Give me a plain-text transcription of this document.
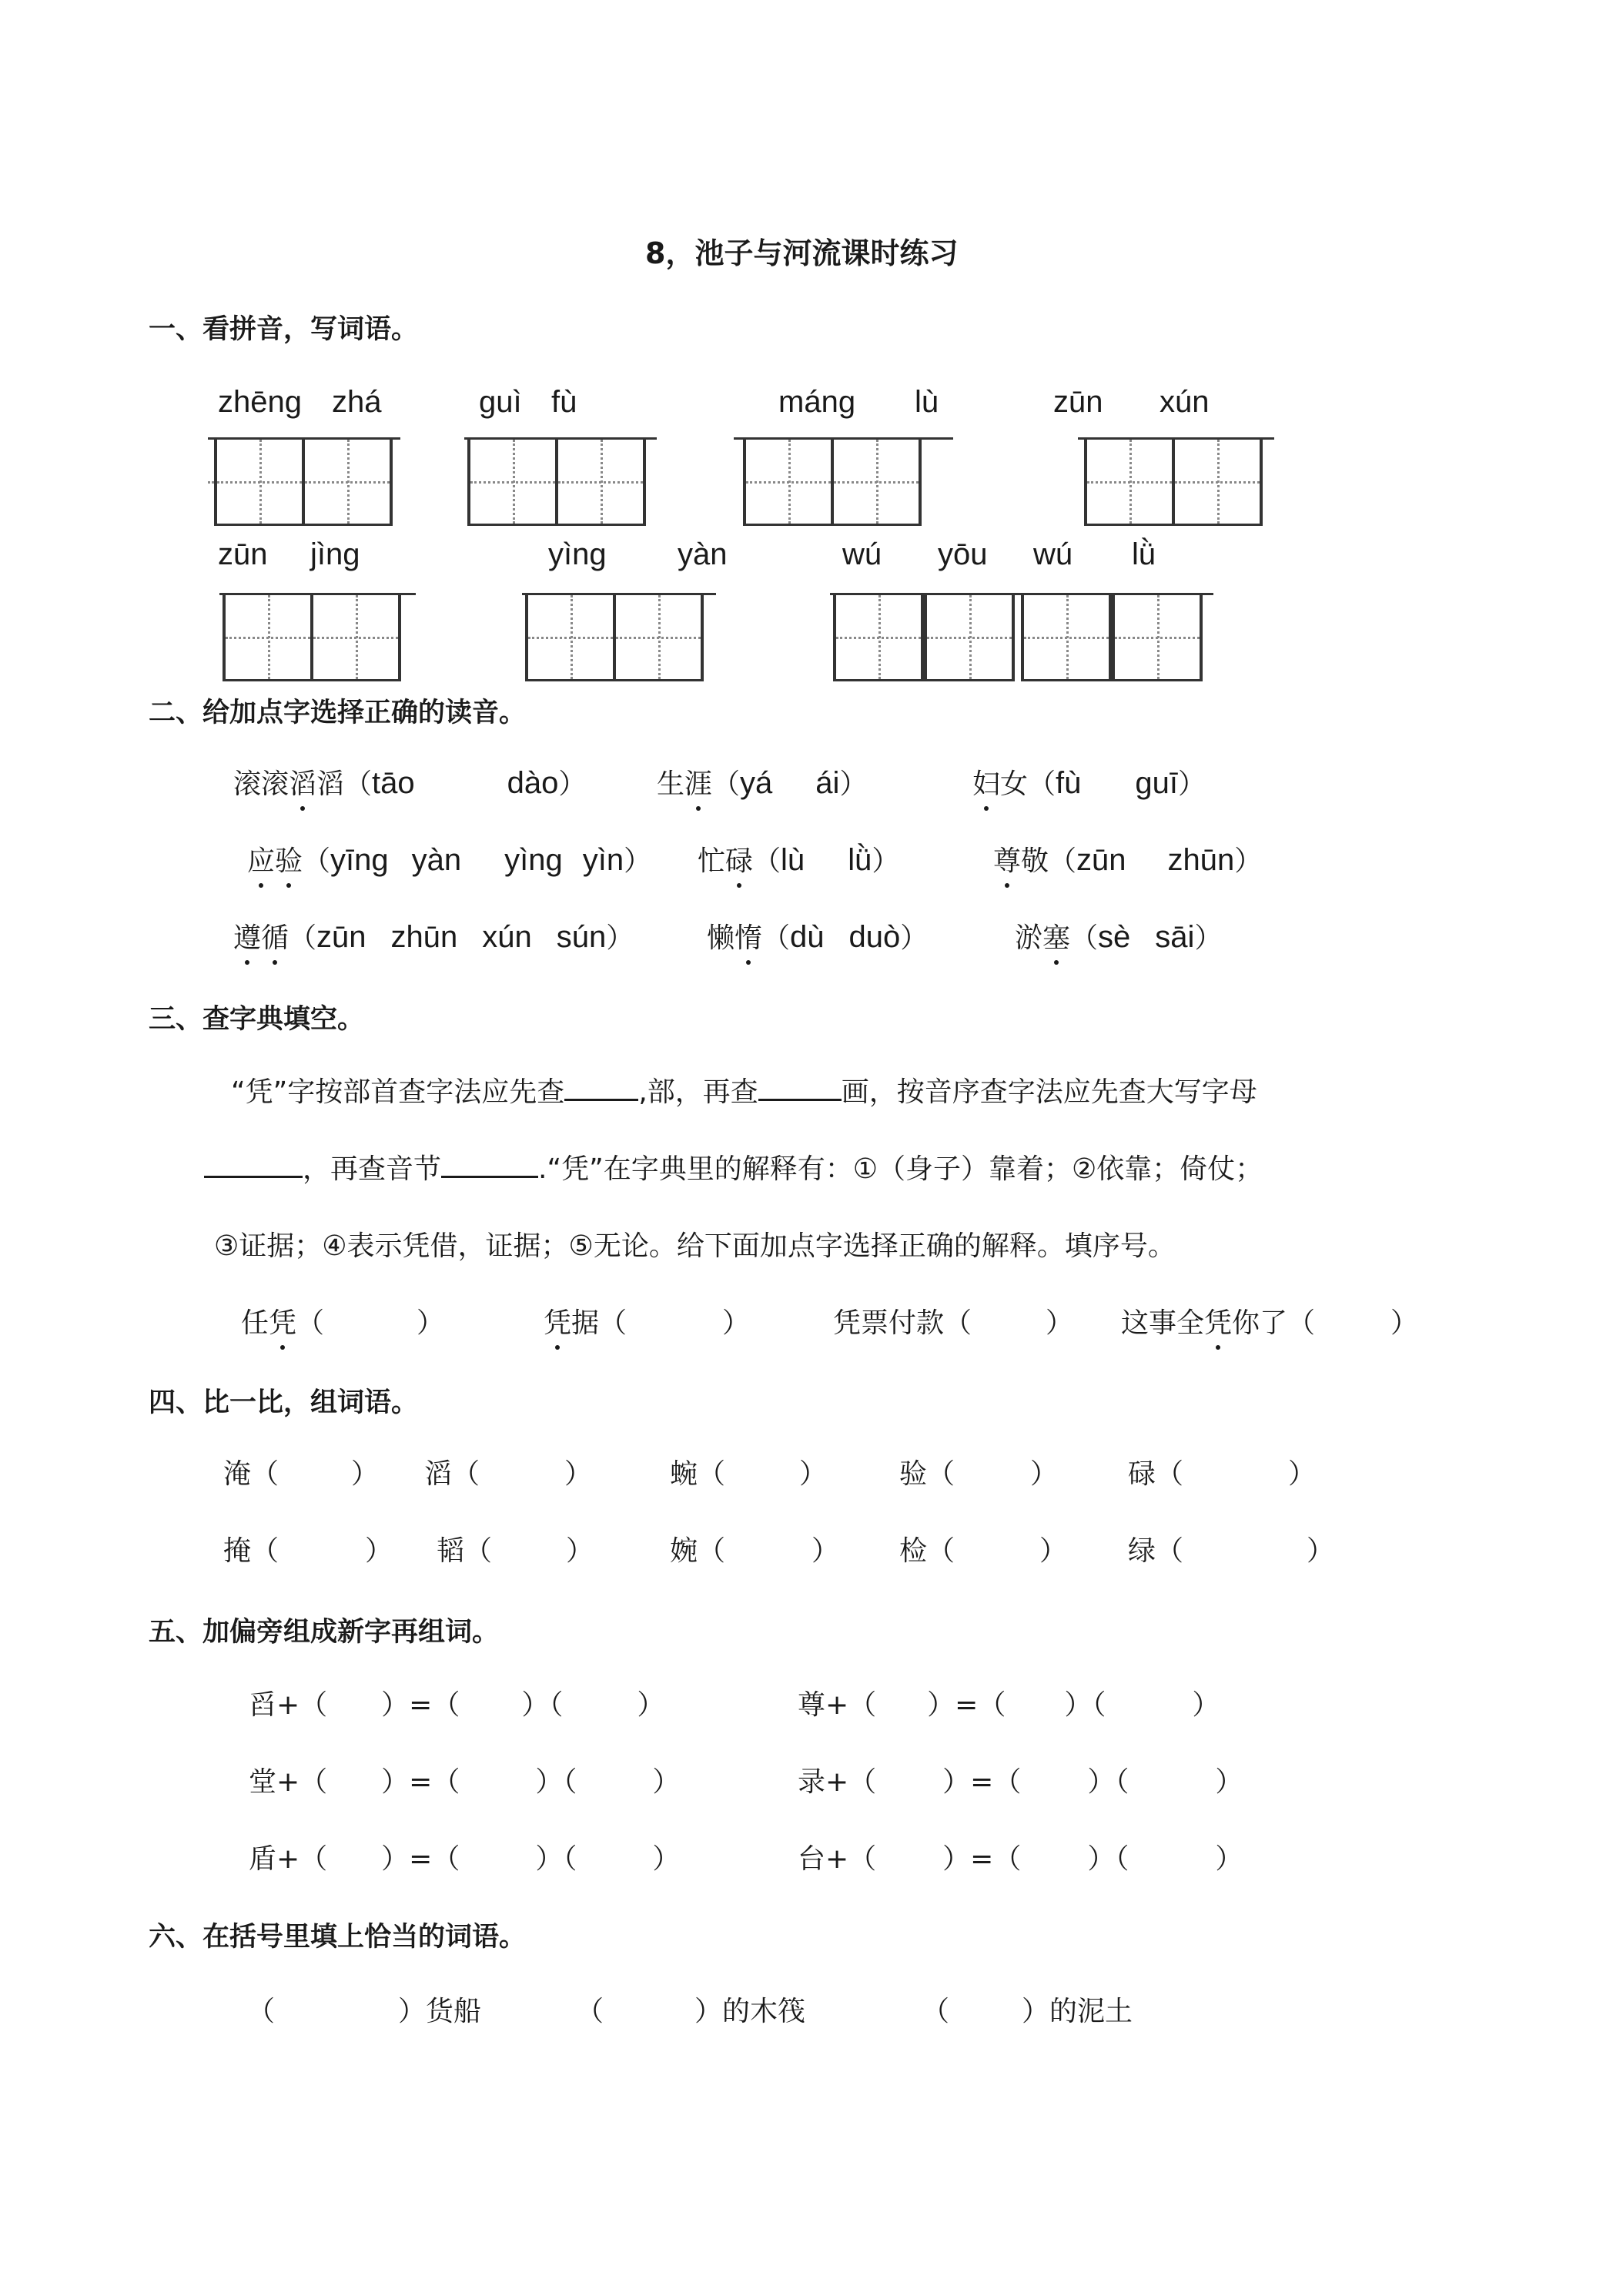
8，池子与河流课时练习
一、看拼音，写词语。
二、给加点字选择正确的读音。
三、查字典填空。
四、比一比，组词语。
五、加偏旁组成新字再组词。
六、在括号里填上恰当的词语。
zhēng zhá	guì fù	máng lù	zūn xún
zūn jìng	yìng yàn	wú yōu wú lǜ
滚滚滔滔（tāo	dào）	生涯（yá ái）	妇女（fù guī）
应验（yīng yàn yìng yìn） 忙碌（lù lǜ）	尊敬（zūn zhūn）
遵循（zūn zhūn xún sún）	懒惰（dù duò）	淤塞（sè sāi）
“凭”字按部首查字法应先查	,部，再查	画，按音序查字法应先查大写字母
，再查音节	.“凭”在字典里的解释有：①（身子）靠着；②依靠；倚仗；
③证据；④表示凭借，证据；⑤无论。给下面加点字选择正确的解释。填序号。
任凭（	）	凭据（	）	凭票付款（	） 这事全凭你了（	）
淹（	） 滔（	）	蜿（	）	验（	）	碌（	）
掩（	） 韬（	）	婉（	） 检（	） 绿（	）
舀+（ ）=（ ）（	）	尊+（ ）=（ ）（	）
堂+（ ）=（	）（	）	录+（ ）=（ ）（	）
盾+（ ）=（	）（	）	台+（ ）=（ ）（	）
（	）货船	（	）的木筏	（	）的泥土
